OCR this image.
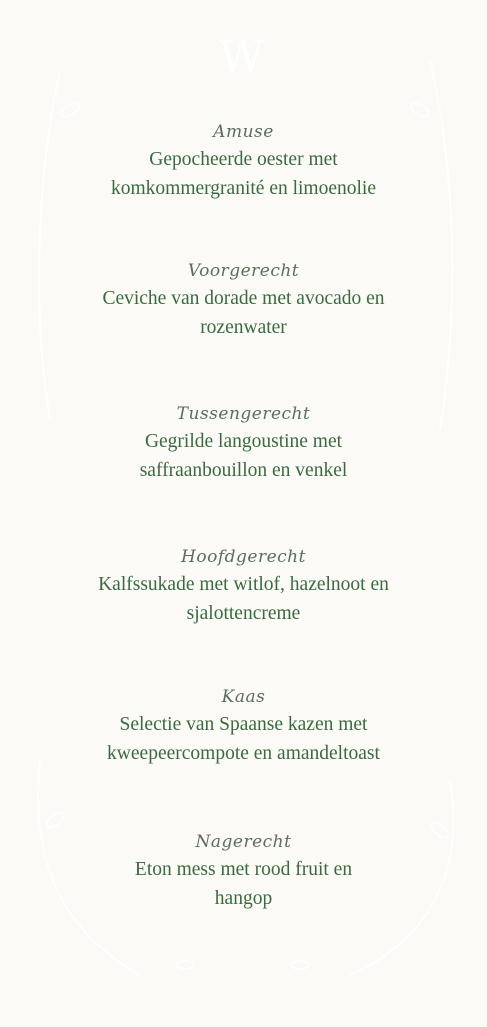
W
Amuse
Gepocheerde oester met komkommergranité en limoenolie
Voorgerecht
Ceviche van dorade met avocado en rozenwater
Tussengerecht
Gegrilde langoustine met saffraanbouillon en venkel
Hoofdgerecht
Kalfssukade met witlof, hazelnoot en sjalottencreme
Kaas
Selectie van Spaanse kazen met kweepeercompote en amandeltoast
Nagerecht
Eton mess met rood fruit en hangop
